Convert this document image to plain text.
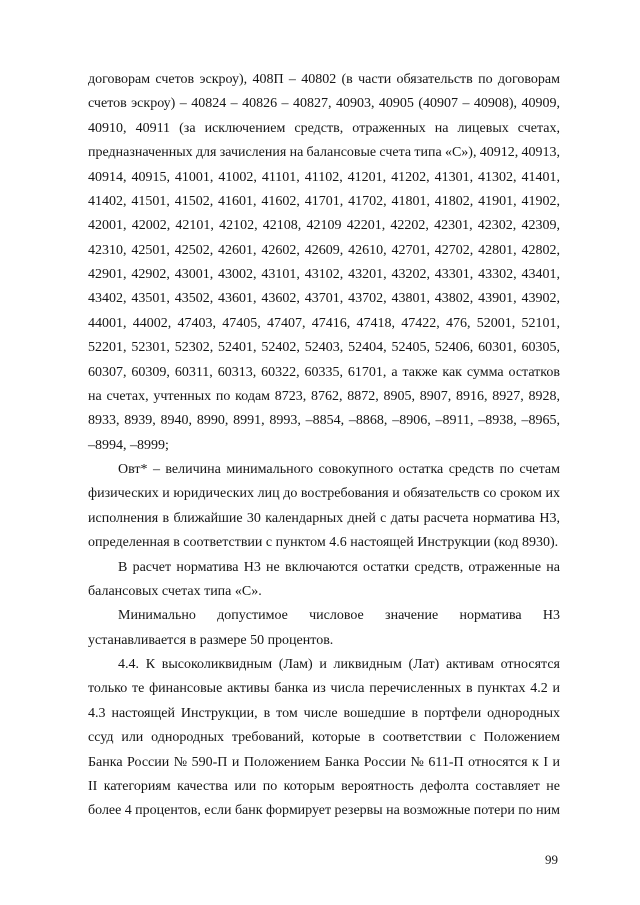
договорам счетов эскроу), 408П – 40802 (в части обязательств по договорам
счетов эскроу) – 40824 – 40826 – 40827, 40903, 40905 (40907 – 40908), 40909,
40910, 40911 (за исключением средств, отраженных на лицевых счетах,
предназначенных для зачисления на балансовые счета типа «С»), 40912, 40913,
40914, 40915, 41001, 41002, 41101, 41102, 41201, 41202, 41301, 41302, 41401,
41402, 41501, 41502, 41601, 41602, 41701, 41702, 41801, 41802, 41901, 41902,
42001, 42002, 42101, 42102, 42108, 42109 42201, 42202, 42301, 42302, 42309,
42310, 42501, 42502, 42601, 42602, 42609, 42610, 42701, 42702, 42801, 42802,
42901, 42902, 43001, 43002, 43101, 43102, 43201, 43202, 43301, 43302, 43401,
43402, 43501, 43502, 43601, 43602, 43701, 43702, 43801, 43802, 43901, 43902,
44001, 44002, 47403, 47405, 47407, 47416, 47418, 47422, 476, 52001, 52101,
52201, 52301, 52302, 52401, 52402, 52403, 52404, 52405, 52406, 60301, 60305,
60307, 60309, 60311, 60313, 60322, 60335, 61701, а также как сумма остатков
на счетах, учтенных по кодам 8723, 8762, 8872, 8905, 8907, 8916, 8927, 8928,
8933, 8939, 8940, 8990, 8991, 8993, –8854, –8868, –8906, –8911, –8938, –8965,
–8994, –8999;
Овт* – величина минимального совокупного остатка средств по счетам
физических и юридических лиц до востребования и обязательств со сроком их
исполнения в ближайшие 30 календарных дней с даты расчета норматива Н3,
определенная в соответствии с пунктом 4.6 настоящей Инструкции (код 8930).
В расчет норматива Н3 не включаются остатки средств, отраженные на
балансовых счетах типа «С».
Минимально допустимое числовое значение норматива Н3
устанавливается в размере 50 процентов.
4.4. К высоколиквидным (Лам) и ликвидным (Лат) активам относятся
только те финансовые активы банка из числа перечисленных в пунктах 4.2 и
4.3 настоящей Инструкции, в том числе вошедшие в портфели однородных
ссуд или однородных требований, которые в соответствии с Положением
Банка России № 590-П и Положением Банка России № 611-П относятся к I и
II категориям качества или по которым вероятность дефолта составляет не
более 4 процентов, если банк формирует резервы на возможные потери по ним
99
